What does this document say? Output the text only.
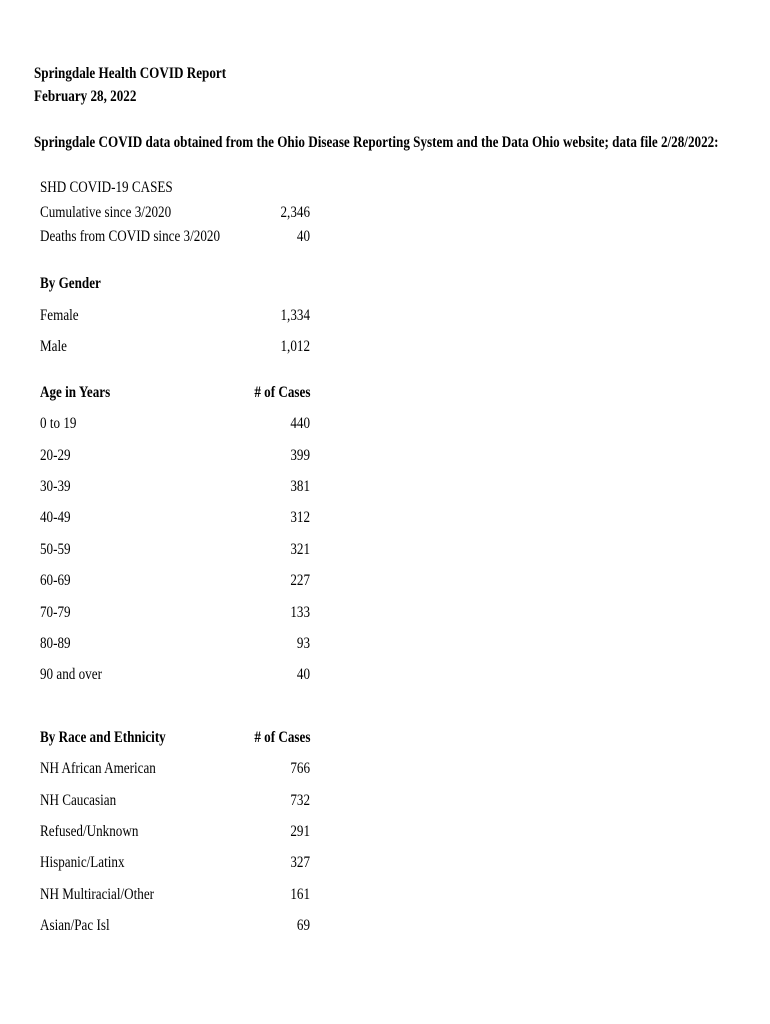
Springdale Health COVID Report
February 28, 2022
Springdale COVID data obtained from the Ohio Disease Reporting System and the Data Ohio website; data file 2/28/2022:
SHD COVID-19 CASES
Cumulative since 3/2020	2,346
Deaths from COVID since 3/2020	40
By Gender
Female	1,334
Male	1,012
Age in Years	# of Cases
0 to 19	440
20-29	399
30-39	381
40-49	312
50-59	321
60-69	227
70-79	133
80-89	93
90 and over	40
By Race and Ethnicity	# of Cases
NH African American	766
NH Caucasian	732
Refused/Unknown	291
Hispanic/Latinx	327
NH Multiracial/Other	161
Asian/Pac Isl	69
